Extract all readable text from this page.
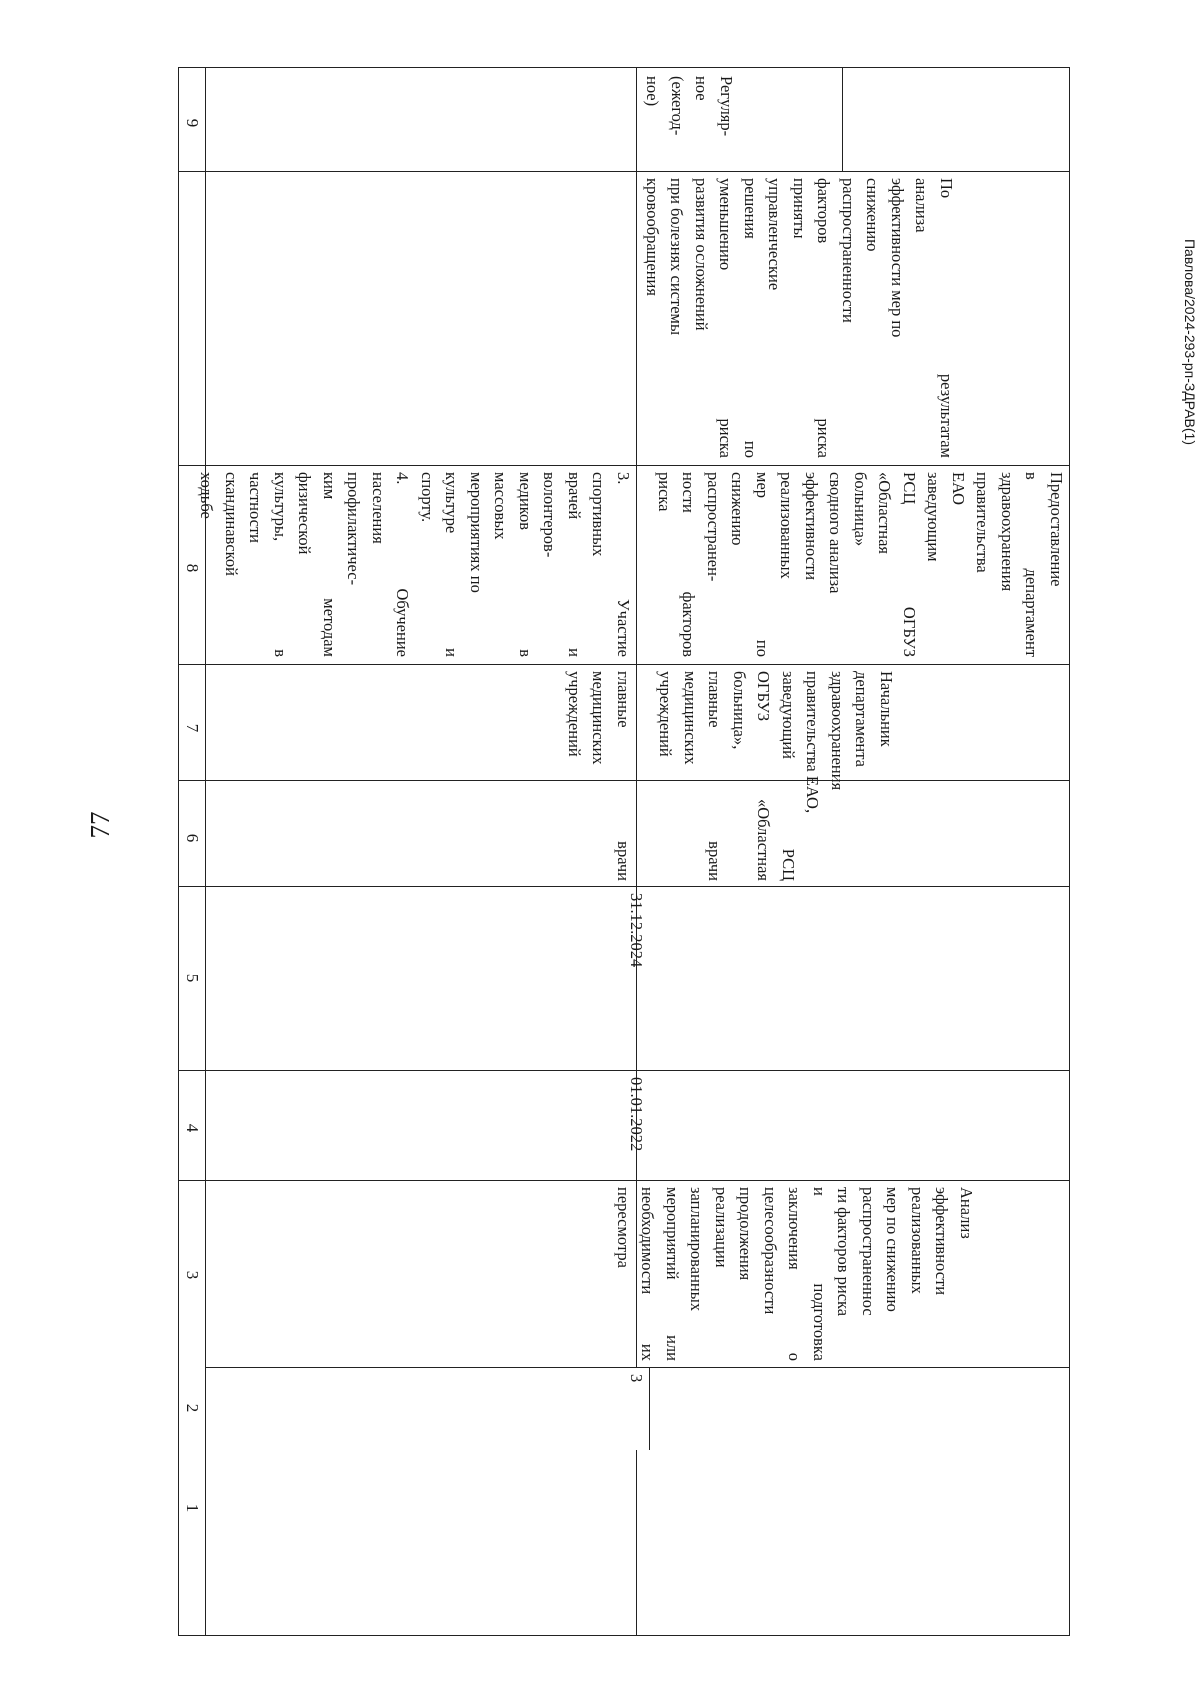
77
Павлова/2024-293-рп-ЗДРАВ(1)
1
2
3
4
5
6
7
8
9
главные врачи
медицинских
учреждений
3. Участие
спортивных
врачей и
волонтеров-
медиков в
массовых
мероприятиях по
культуре и
спорту.
4. Обучение
населения
профилактичес-
ким методам
физической
культуры, в
частности
скандинавской
ходьбе
3
Анализ
эффективности
реализованных
мер по снижению
распространеннос
ти факторов риска
и подготовка
заключения о
целесообразности
продолжения
реализации
запланированных
мероприятий или
необходимости их
пересмотра
01.01.2022
31.12.2024
Начальник
департамента
здравоохранения
правительства ЕАО,
заведующий РСЦ
ОГБУЗ «Областная
больница»,
главные врачи
медицинских
учреждений
Предоставление
в департамент
здравоохранения
правительства
ЕАО
заведующим
РСЦ ОГБУЗ
«Областная
больница»
сводного анализа
эффективности
реализованных
мер по
снижению
распространен-
ности факторов
риска
По результатам
анализа
эффективности мер по
снижению
распространенности
факторов риска
приняты
управленческие
решения по
уменьшению риска
развития осложнений
при болезнях системы
кровообращения
Регуляр-
ное
(ежегод-
ное)
